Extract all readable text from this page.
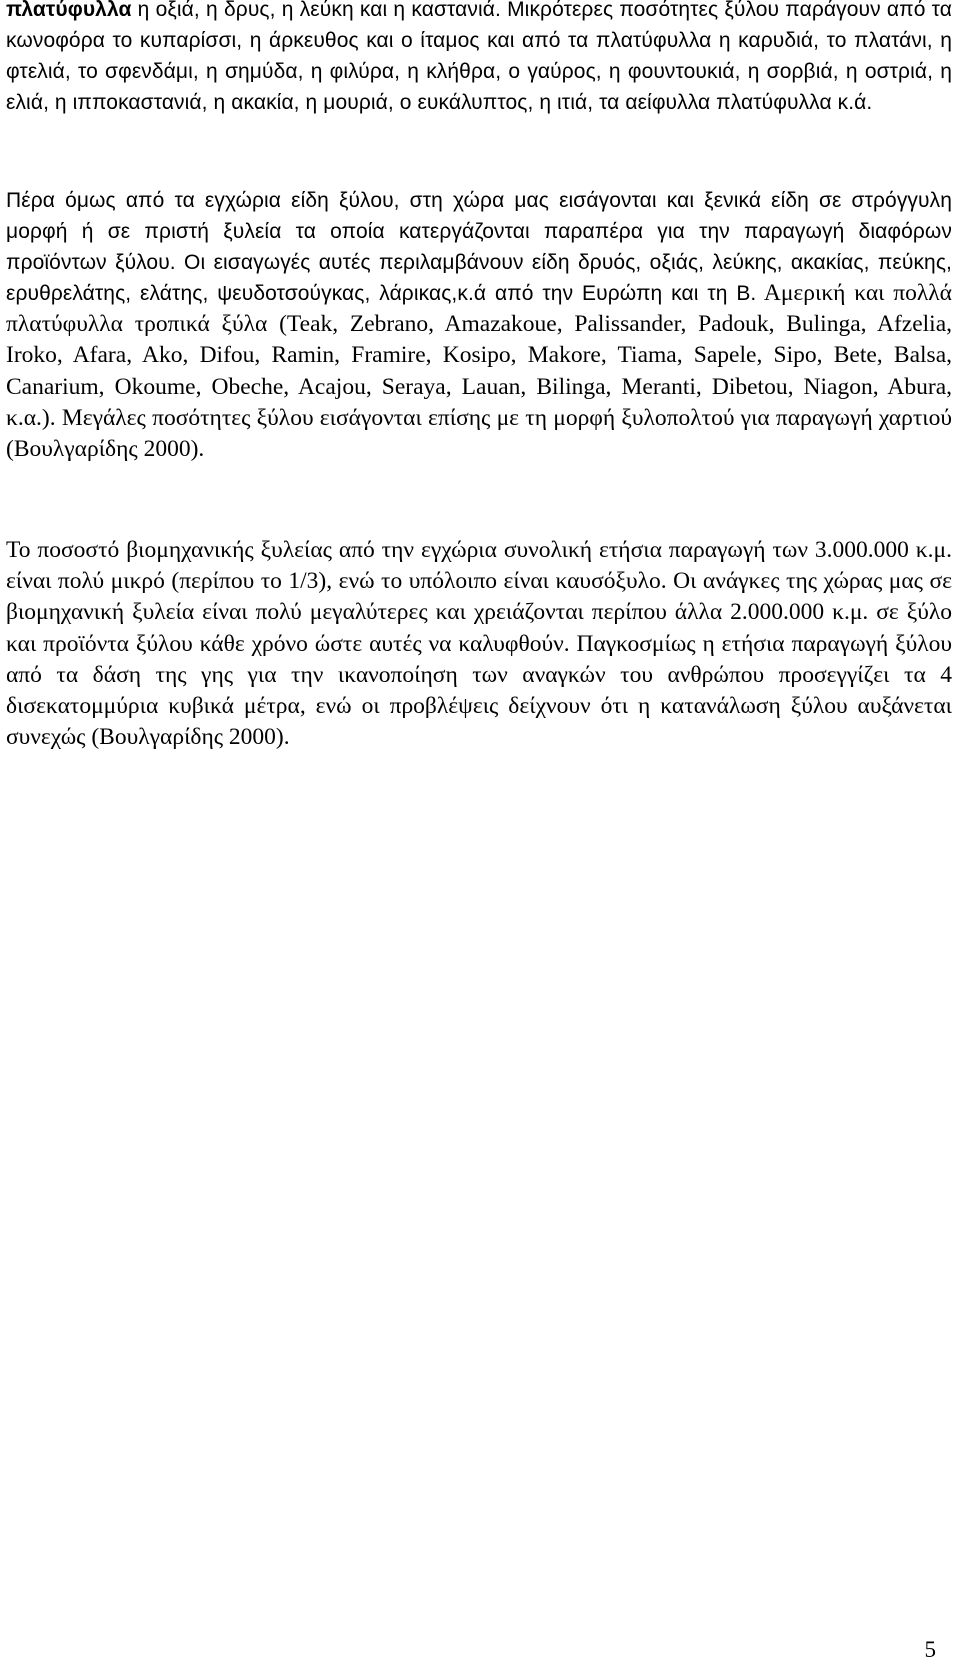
πλατύφυλλα η οξιά, η δρυς, η λεύκη και η καστανιά. Μικρότερες ποσότητες ξύλου παράγουν από τα κωνοφόρα το κυπαρίσσι, η άρκευθος και ο ίταμος και από τα πλατύφυλλα η καρυδιά, το πλατάνι, η φτελιά, το σφενδάμι, η σημύδα, η φιλύρα, η κλήθρα, ο γαύρος, η φουντουκιά, η σορβιά, η οστριά, η ελιά, η ιπποκαστανιά, η ακακία, η μουριά, ο ευκάλυπτος, η ιτιά, τα αείφυλλα πλατύφυλλα κ.ά.

Πέρα όμως από τα εγχώρια είδη ξύλου, στη χώρα μας εισάγονται και ξενικά είδη σε στρόγγυλη μορφή ή σε πριστή ξυλεία τα οποία κατεργάζονται παραπέρα για την παραγωγή διαφόρων προϊόντων ξύλου. Οι εισαγωγές αυτές περιλαμβάνουν είδη δρυός, οξιάς, λεύκης, ακακίας, πεύκης, ερυθρελάτης, ελάτης, ψευδοτσούγκας, λάρικας,κ.ά από την Ευρώπη και τη Β. Αμερική και πολλά πλατύφυλλα τροπικά ξύλα (Teak, Zebrano, Amazakoue, Palissander, Padouk, Bulinga, Afzelia, Iroko, Afara, Ako, Difou, Ramin, Framire, Kosipo, Makore, Tiama, Sapele, Sipo, Bete, Balsa, Canarium, Okoume, Obeche, Acajou, Seraya, Lauan, Bilinga, Meranti, Dibetou, Niagon, Abura, κ.α.). Μεγάλες ποσότητες ξύλου εισάγονται επίσης με τη μορφή ξυλοπολτού για παραγωγή χαρτιού (Βουλγαρίδης 2000).

Το ποσοστό βιομηχανικής ξυλείας από την εγχώρια συνολική ετήσια παραγωγή των 3.000.000 κ.μ. είναι πολύ μικρό (περίπου το 1/3), ενώ το υπόλοιπο είναι καυσόξυλο. Οι ανάγκες της χώρας μας σε βιομηχανική ξυλεία είναι πολύ μεγαλύτερες και χρειάζονται περίπου άλλα 2.000.000 κ.μ. σε ξύλο και προϊόντα ξύλου κάθε χρόνο ώστε αυτές να καλυφθούν. Παγκοσμίως η ετήσια παραγωγή ξύλου από τα δάση της γης για την ικανοποίηση των αναγκών του ανθρώπου προσεγγίζει τα 4 δισεκατομμύρια κυβικά μέτρα, ενώ οι προβλέψεις δείχνουν ότι η κατανάλωση ξύλου αυξάνεται συνεχώς (Βουλγαρίδης 2000).

5
